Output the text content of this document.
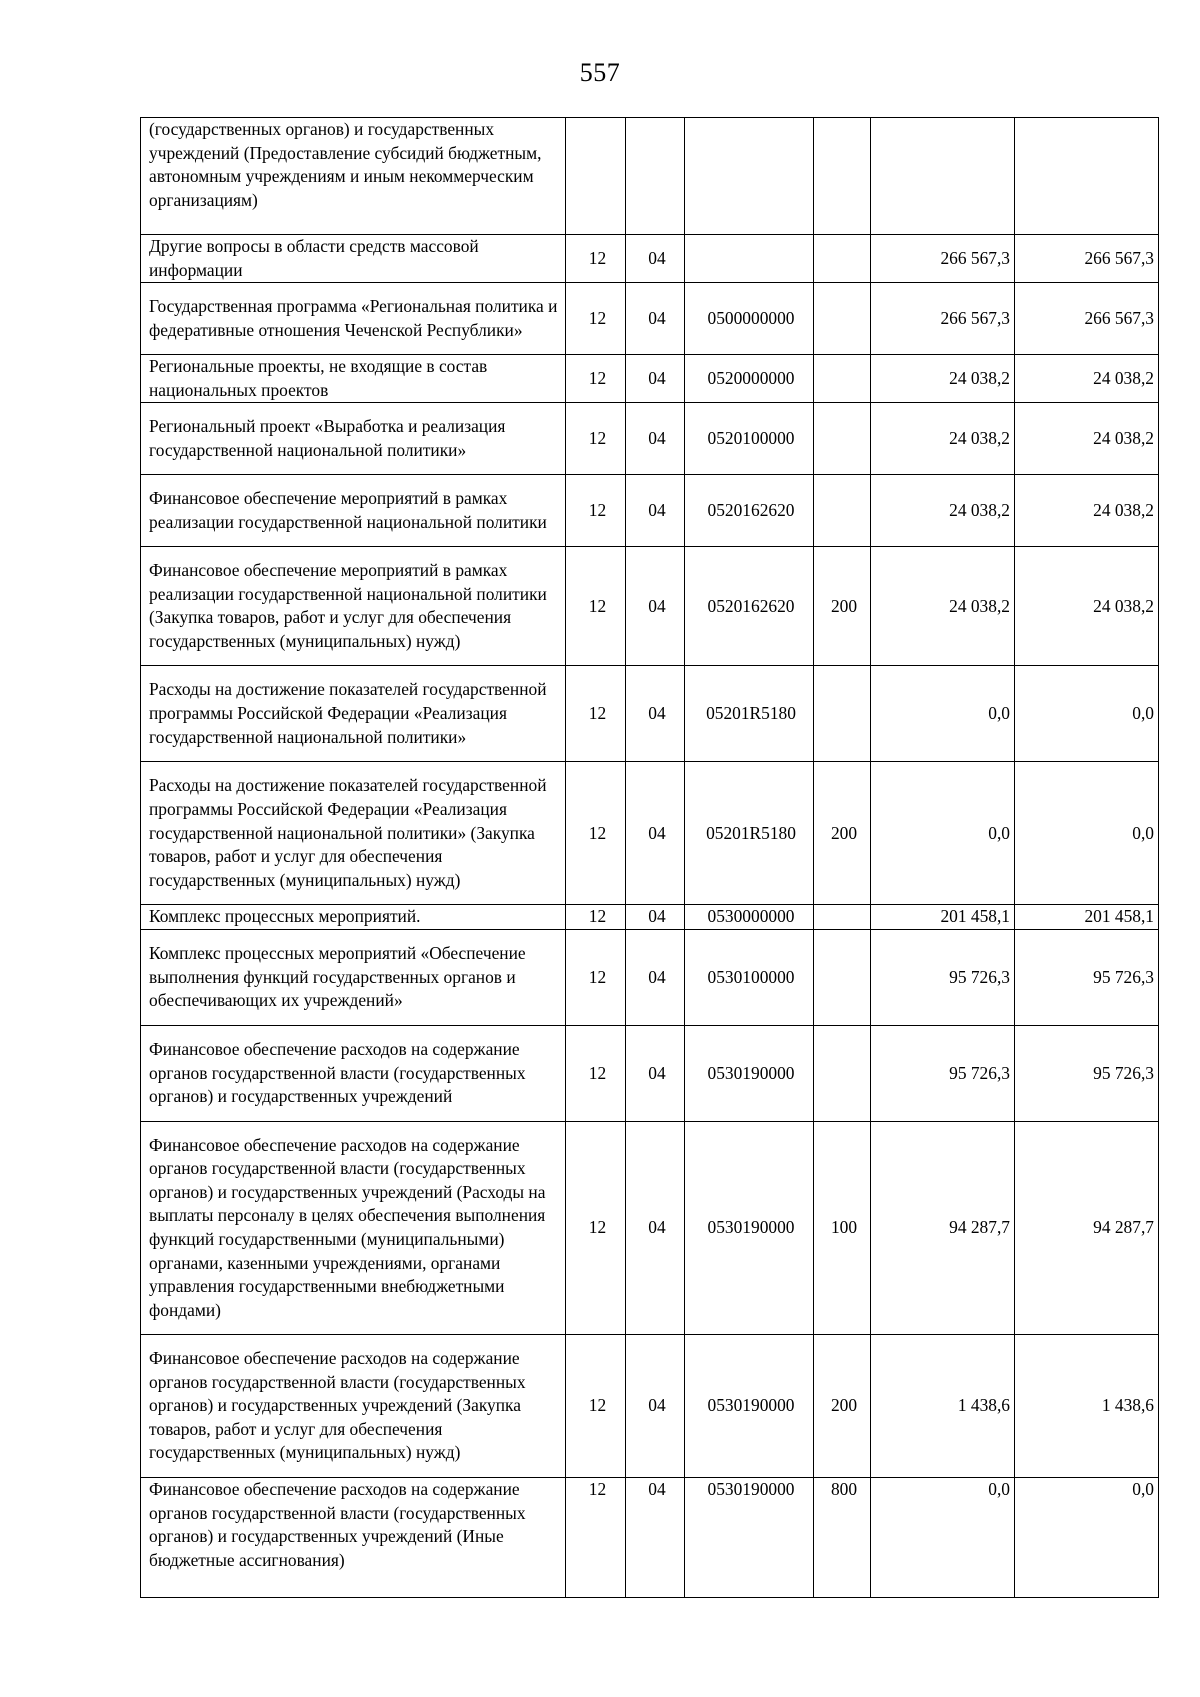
557
(государственных органов) и государственных учреждений (Предоставление субсидий бюджетным, автономным учреждениям и иным некоммерческим организациям)						
Другие вопросы в области средств массовой информации	12	04			266 567,3	266 567,3
Государственная программа «Региональная политика и федеративные отношения Чеченской Республики»	12	04	0500000000		266 567,3	266 567,3
Региональные проекты, не входящие в состав национальных проектов	12	04	0520000000		24 038,2	24 038,2
Региональный проект «Выработка и реализация государственной национальной политики»	12	04	0520100000		24 038,2	24 038,2
Финансовое обеспечение мероприятий в рамках реализации государственной национальной политики	12	04	0520162620		24 038,2	24 038,2
Финансовое обеспечение мероприятий в рамках реализации государственной национальной политики (Закупка товаров, работ и услуг для обеспечения государственных (муниципальных) нужд)	12	04	0520162620	200	24 038,2	24 038,2
Расходы на достижение показателей государственной программы Российской Федерации «Реализация государственной национальной политики»	12	04	05201R5180		0,0	0,0
Расходы на достижение показателей государственной программы Российской Федерации «Реализация государственной национальной политики» (Закупка товаров, работ и услуг для обеспечения государственных (муниципальных) нужд)	12	04	05201R5180	200	0,0	0,0
Комплекс процессных мероприятий.	12	04	0530000000		201 458,1	201 458,1
Комплекс процессных мероприятий «Обеспечение выполнения функций государственных органов и обеспечивающих их учреждений»	12	04	0530100000		95 726,3	95 726,3
Финансовое обеспечение расходов на содержание органов государственной власти (государственных органов) и государственных учреждений	12	04	0530190000		95 726,3	95 726,3
Финансовое обеспечение расходов на содержание органов государственной власти (государственных органов) и государственных учреждений (Расходы на выплаты персоналу в целях обеспечения выполнения функций государственными (муниципальными) органами, казенными учреждениями, органами управления государственными внебюджетными фондами)	12	04	0530190000	100	94 287,7	94 287,7
Финансовое обеспечение расходов на содержание органов государственной власти (государственных органов) и государственных учреждений (Закупка товаров, работ и услуг для обеспечения государственных (муниципальных) нужд)	12	04	0530190000	200	1 438,6	1 438,6
Финансовое обеспечение расходов на содержание органов государственной власти (государственных органов) и государственных учреждений (Иные бюджетные ассигнования)	12	04	0530190000	800	0,0	0,0
